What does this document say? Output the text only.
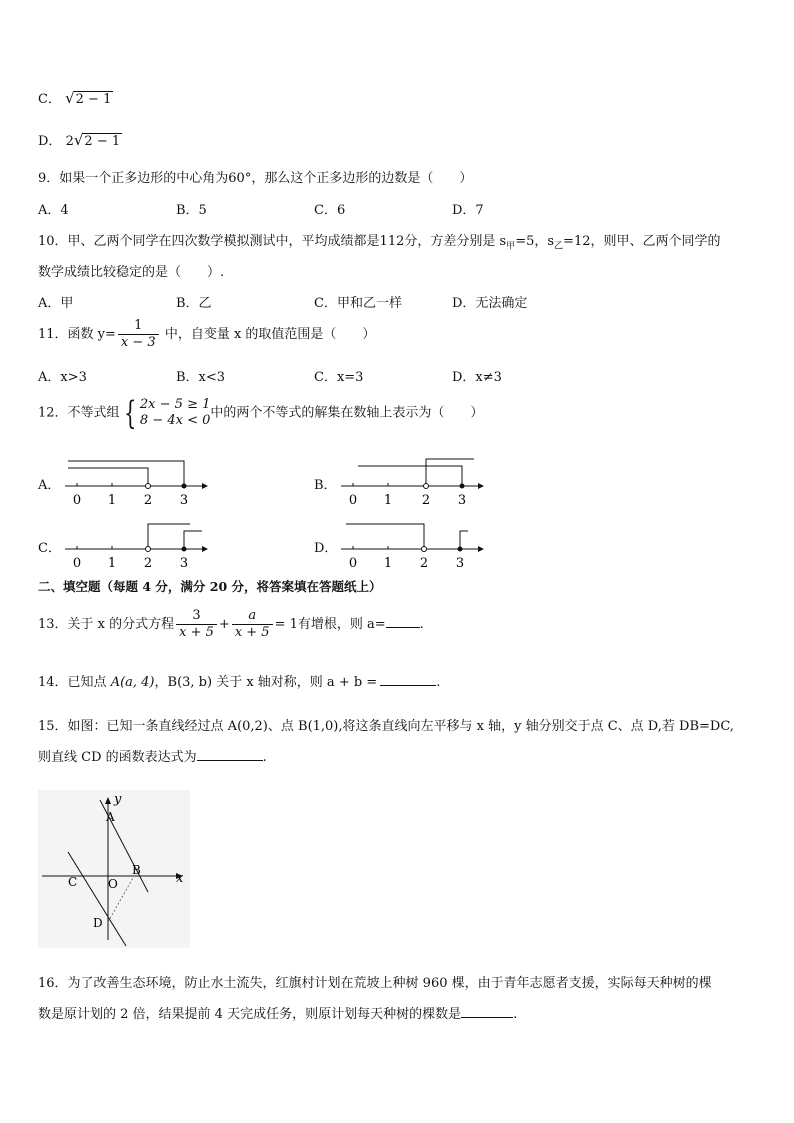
C． √2 − 1
D． 2√2 − 1
9．如果一个正多边形的中心角为60°，那么这个正多边形的边数是（　　）
A．4	B．5	C．6	D．7
10．甲、乙两个同学在四次数学模拟测试中，平均成绩都是112分，方差分别是 $s_甲=5$，$s_乙=12$，则甲、乙两个同学的
数学成绩比较稳定的是（　　）.
A．甲	B．乙	C．甲和乙一样	D．无法确定
11．函数 $y= \frac{1}{x - 3}$ 中，自变量 x 的取值范围是（　　）
A．x>3	B．x<3	C．x=3	D．x≠3
12．不等式组 { 2x − 5 ≥ 1
8 − 4x < 0 中的两个不等式的解集在数轴上表示为（　　）
A．
0 1 2 3
B．
0 1 2 3
C．
0 1 2 3
D．
0 1 2 3
二、填空题（每题 4 分，满分 20 分，将答案填在答题纸上）
13．关于 x 的分式方程 $\frac{3}{x + 5} + \frac{a}{x + 5} = 1$有增根，则 a=	.
14．已知点 A(a, 4)，B(3, b) 关于 x 轴对称，则 a + b =	.
15．如图：已知一条直线经过点 A(0,2)、点 B(1,0),将这条直线向左平移与 x 轴，y 轴分别交于点 C、点 D,若 DB=DC,
则直线 CD 的函数表达式为	.
y
x
A
B
C	O
D
16．为了改善生态环境，防止水土流失，红旗村计划在荒坡上种树 960 棵，由于青年志愿者支援，实际每天种树的棵
数是原计划的 2 倍，结果提前 4 天完成任务，则原计划每天种树的棵数是	.
